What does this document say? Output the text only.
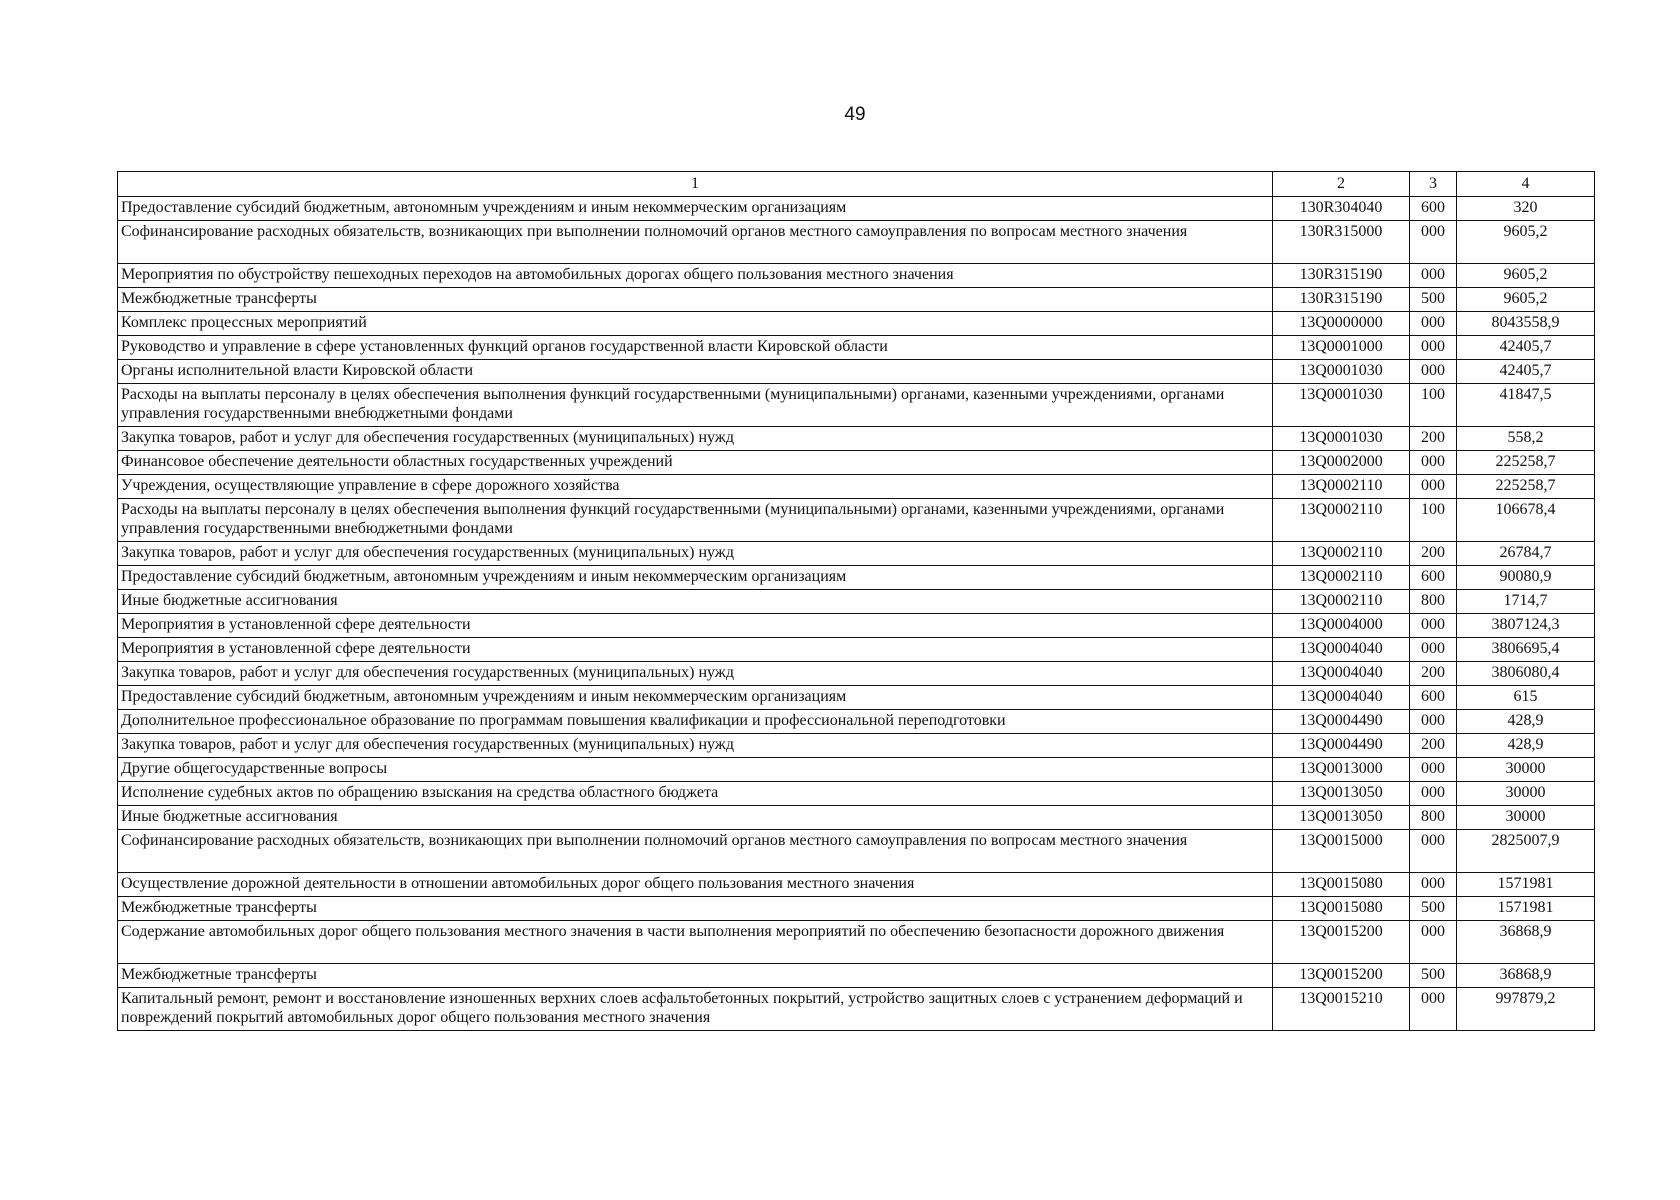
49
1	2	3	4
Предоставление субсидий бюджетным, автономным учреждениям и иным некоммерческим организациям	130R304040	600	320
Софинансирование расходных обязательств, возникающих при выполнении полномочий органов местного самоуправления по вопросам местного значения	130R315000	000	9605,2
Мероприятия по обустройству пешеходных переходов на автомобильных дорогах общего пользования местного значения	130R315190	000	9605,2
Межбюджетные трансферты	130R315190	500	9605,2
Комплекс процессных мероприятий	13Q0000000	000	8043558,9
Руководство и управление в сфере установленных функций органов государственной власти Кировской области	13Q0001000	000	42405,7
Органы исполнительной власти Кировской области	13Q0001030	000	42405,7
Расходы на выплаты персоналу в целях обеспечения выполнения функций государственными (муниципальными) органами, казенными учреждениями, органами управления государственными внебюджетными фондами	13Q0001030	100	41847,5
Закупка товаров, работ и услуг для обеспечения государственных (муниципальных) нужд	13Q0001030	200	558,2
Финансовое обеспечение деятельности областных государственных учреждений	13Q0002000	000	225258,7
Учреждения, осуществляющие управление в сфере дорожного хозяйства	13Q0002110	000	225258,7
Расходы на выплаты персоналу в целях обеспечения выполнения функций государственными (муниципальными) органами, казенными учреждениями, органами управления государственными внебюджетными фондами	13Q0002110	100	106678,4
Закупка товаров, работ и услуг для обеспечения государственных (муниципальных) нужд	13Q0002110	200	26784,7
Предоставление субсидий бюджетным, автономным учреждениям и иным некоммерческим организациям	13Q0002110	600	90080,9
Иные бюджетные ассигнования	13Q0002110	800	1714,7
Мероприятия в установленной сфере деятельности	13Q0004000	000	3807124,3
Мероприятия в установленной сфере деятельности	13Q0004040	000	3806695,4
Закупка товаров, работ и услуг для обеспечения государственных (муниципальных) нужд	13Q0004040	200	3806080,4
Предоставление субсидий бюджетным, автономным учреждениям и иным некоммерческим организациям	13Q0004040	600	615
Дополнительное профессиональное образование по программам повышения квалификации и профессиональной переподготовки	13Q0004490	000	428,9
Закупка товаров, работ и услуг для обеспечения государственных (муниципальных) нужд	13Q0004490	200	428,9
Другие общегосударственные вопросы	13Q0013000	000	30000
Исполнение судебных актов по обращению взыскания на средства областного бюджета	13Q0013050	000	30000
Иные бюджетные ассигнования	13Q0013050	800	30000
Софинансирование расходных обязательств, возникающих при выполнении полномочий органов местного самоуправления по вопросам местного значения	13Q0015000	000	2825007,9
Осуществление дорожной деятельности в отношении автомобильных дорог общего пользования местного значения	13Q0015080	000	1571981
Межбюджетные трансферты	13Q0015080	500	1571981
Содержание автомобильных дорог общего пользования местного значения в части выполнения мероприятий по обеспечению безопасности дорожного движения	13Q0015200	000	36868,9
Межбюджетные трансферты	13Q0015200	500	36868,9
Капитальный ремонт, ремонт и восстановление изношенных верхних слоев асфальтобетонных покрытий, устройство защитных слоев с устранением деформаций и повреждений покрытий автомобильных дорог общего пользования местного значения	13Q0015210	000	997879,2
